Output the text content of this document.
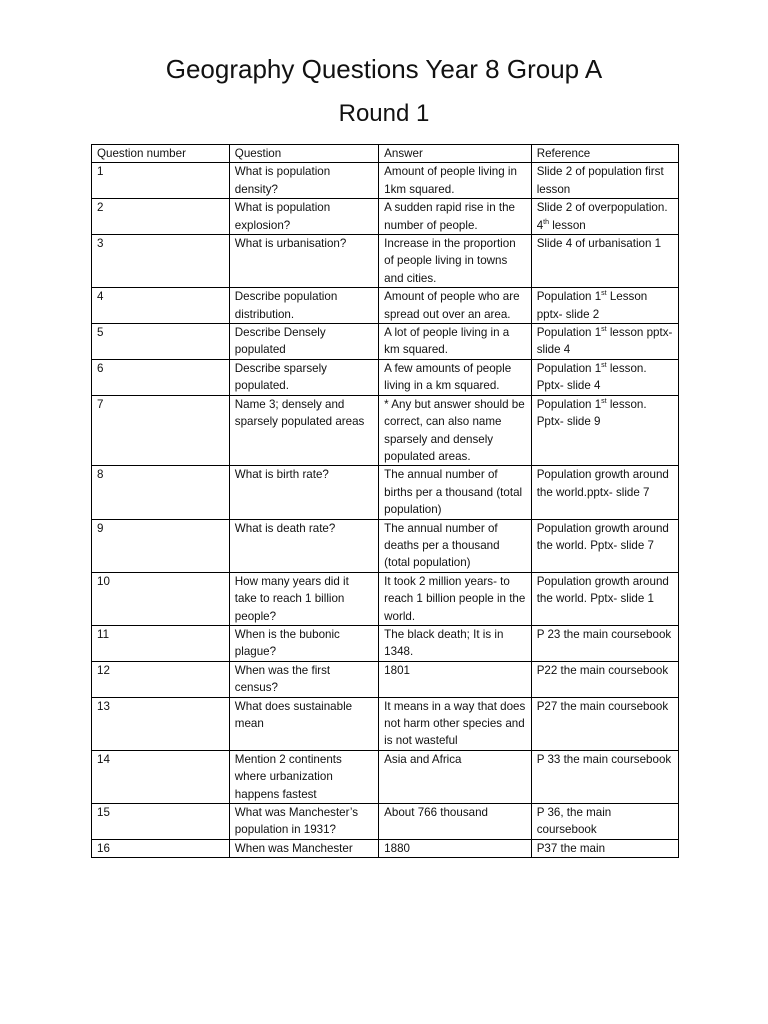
Geography Questions Year 8 Group A
Round 1
Question number	Question	Answer	Reference
1	What is population density?	Amount of people living in 1km squared.	Slide 2 of population first lesson
2	What is population explosion?	A sudden rapid rise in the number of people.	Slide 2 of overpopulation. 4th lesson
3	What is urbanisation?	Increase in the proportion of people living in towns and cities.	Slide 4 of urbanisation 1
4	Describe population distribution.	Amount of people who are spread out over an area.	Population 1st Lesson pptx- slide 2
5	Describe Densely populated	A lot of people living in a km squared.	Population 1st lesson pptx- slide 4
6	Describe sparsely populated.	A few amounts of people living in a km squared.	Population 1st lesson. Pptx- slide 4
7	Name 3; densely and sparsely populated areas	* Any but answer should be correct, can also name sparsely and densely populated areas.	Population 1st lesson. Pptx- slide 9
8	What is birth rate?	The annual number of births per a thousand (total population)	Population growth around the world.pptx- slide 7
9	What is death rate?	The annual number of deaths per a thousand (total population)	Population growth around the world. Pptx- slide 7
10	How many years did it take to reach 1 billion people?	It took 2 million years- to reach 1 billion people in the world.	Population growth around the world. Pptx- slide 1
11	When is the bubonic plague?	The black death; It is in 1348.	P 23 the main coursebook
12	When was the first census?	1801	P22 the main coursebook
13	What does sustainable mean	It means in a way that does not harm other species and is not wasteful	P27 the main coursebook
14	Mention 2 continents where urbanization happens fastest	Asia and Africa	P 33 the main coursebook
15	What was Manchester’s population in 1931?	About 766 thousand	P 36, the main coursebook
16	When was Manchester	1880	P37 the main
